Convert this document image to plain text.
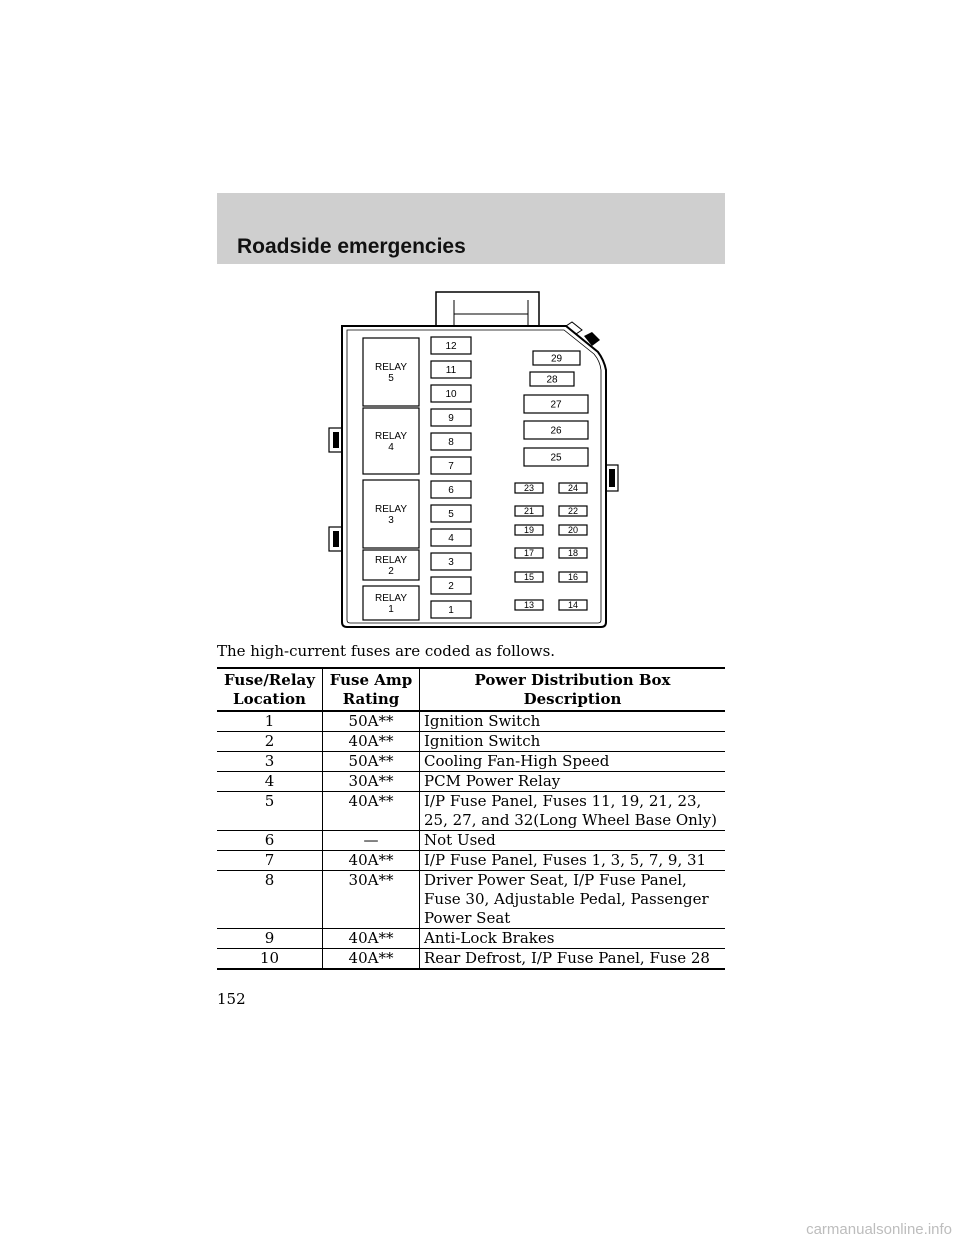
Roadside emergencies
RELAY 5
RELAY 4
RELAY 3
RELAY 2
RELAY 1
12
11
10
9
8
7
6
5
4
3
2
1
29
28
27
26
25
23
21
19
17
15
13
24
22
20
18
16
14
The high-current fuses are coded as follows.
Fuse/Relay Location	Fuse Amp Rating	Power Distribution Box Description
1	50A**	Ignition Switch
2	40A**	Ignition Switch
3	50A**	Cooling Fan-High Speed
4	30A**	PCM Power Relay
5	40A**	I/P Fuse Panel, Fuses 11, 19, 21, 23, 25, 27, and 32(Long Wheel Base Only)
6	—	Not Used
7	40A**	I/P Fuse Panel, Fuses 1, 3, 5, 7, 9, 31
8	30A**	Driver Power Seat, I/P Fuse Panel, Fuse 30, Adjustable Pedal, Passenger Power Seat
9	40A**	Anti-Lock Brakes
10	40A**	Rear Defrost, I/P Fuse Panel, Fuse 28
152
carmanualsonline.info
